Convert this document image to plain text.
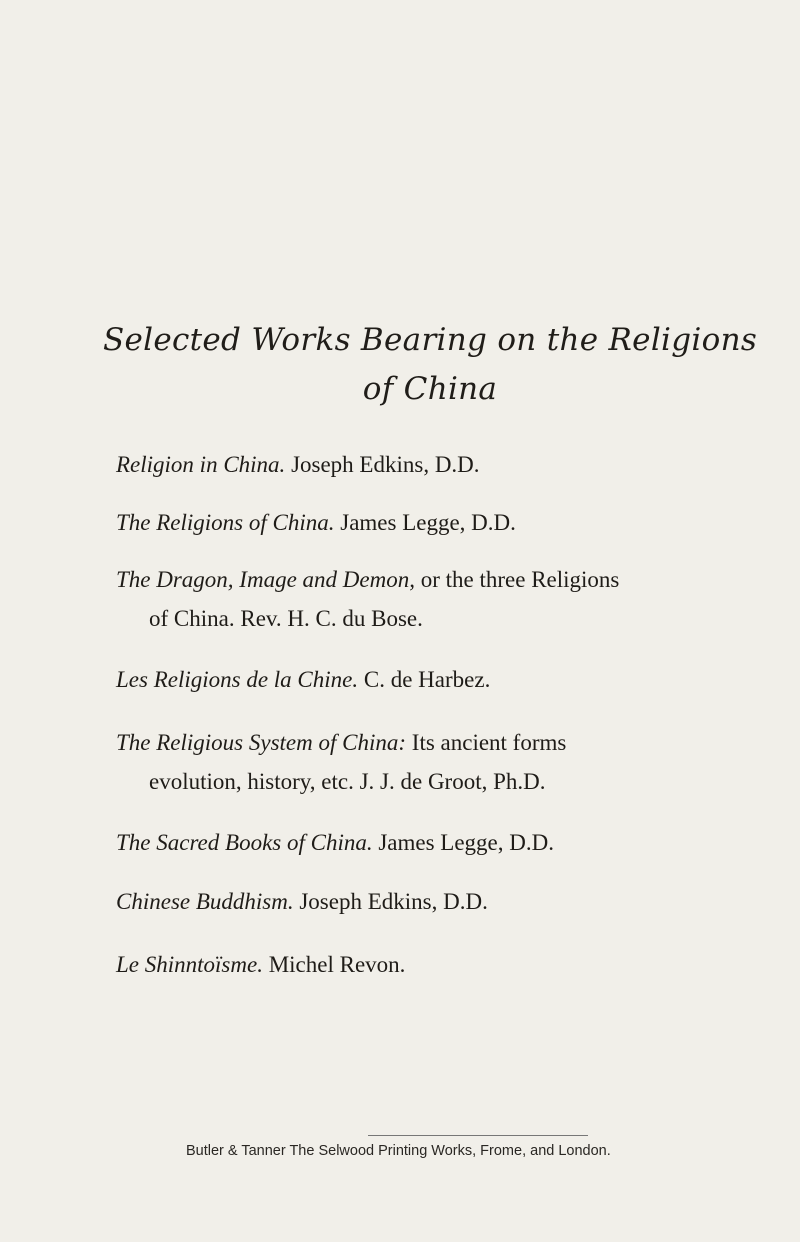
Selected Works Bearing on the Religions
of China
Religion in China. Joseph Edkins, D.D.
The Religions of China. James Legge, D.D.
The Dragon, Image and Demon, or the three Religions
of China. Rev. H. C. du Bose.
Les Religions de la Chine. C. de Harbez.
The Religious System of China: Its ancient forms
evolution, history, etc. J. J. de Groot, Ph.D.
The Sacred Books of China. James Legge, D.D.
Chinese Buddhism. Joseph Edkins, D.D.
Le Shinntoïsme. Michel Revon.
Butler & Tanner The Selwood Printing Works, Frome, and London.
